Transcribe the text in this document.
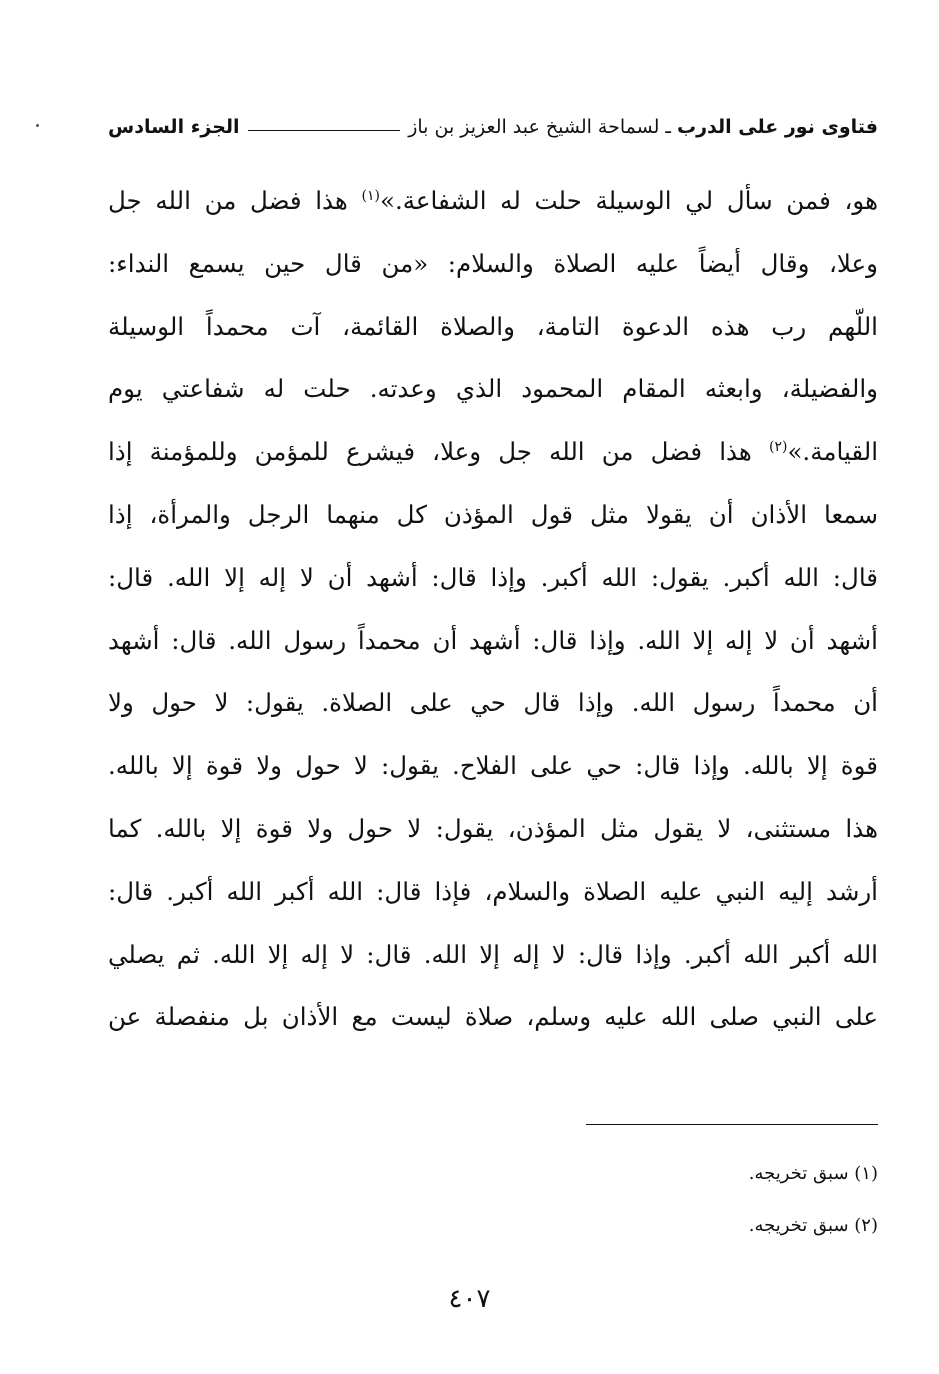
فتاوى نور على الدرب
ـ لسماحة الشيخ عبد العزيز بن باز
الجزء السادس
هو، فمن سأل لي الوسيلة حلت له الشفاعة.»$^{(١)}$ هذا فضل من الله جل
وعلا، وقال أيضاً عليه الصلاة والسلام: «من قال حين يسمع النداء:
اللّهم رب هذه الدعوة التامة، والصلاة القائمة، آت محمداً الوسيلة
والفضيلة، وابعثه المقام المحمود الذي وعدته. حلت له شفاعتي يوم
القيامة.»$^{(٢)}$ هذا فضل من الله جل وعلا، فيشرع للمؤمن وللمؤمنة إذا
سمعا الأذان أن يقولا مثل قول المؤذن كل منهما الرجل والمرأة، إذا
قال: الله أكبر. يقول: الله أكبر. وإذا قال: أشهد أن لا إله إلا الله. قال:
أشهد أن لا إله إلا الله. وإذا قال: أشهد أن محمداً رسول الله. قال: أشهد
أن محمداً رسول الله. وإذا قال حي على الصلاة. يقول: لا حول ولا
قوة إلا بالله. وإذا قال: حي على الفلاح. يقول: لا حول ولا قوة إلا بالله.
هذا مستثنى، لا يقول مثل المؤذن، يقول: لا حول ولا قوة إلا بالله. كما
أرشد إليه النبي عليه الصلاة والسلام، فإذا قال: الله أكبر الله أكبر. قال:
الله أكبر الله أكبر. وإذا قال: لا إله إلا الله. قال: لا إله إلا الله. ثم يصلي
على النبي صلى الله عليه وسلم، صلاة ليست مع الأذان بل منفصلة عن
(١) سبق تخريجه.
(٢) سبق تخريجه.
٤٠٧
